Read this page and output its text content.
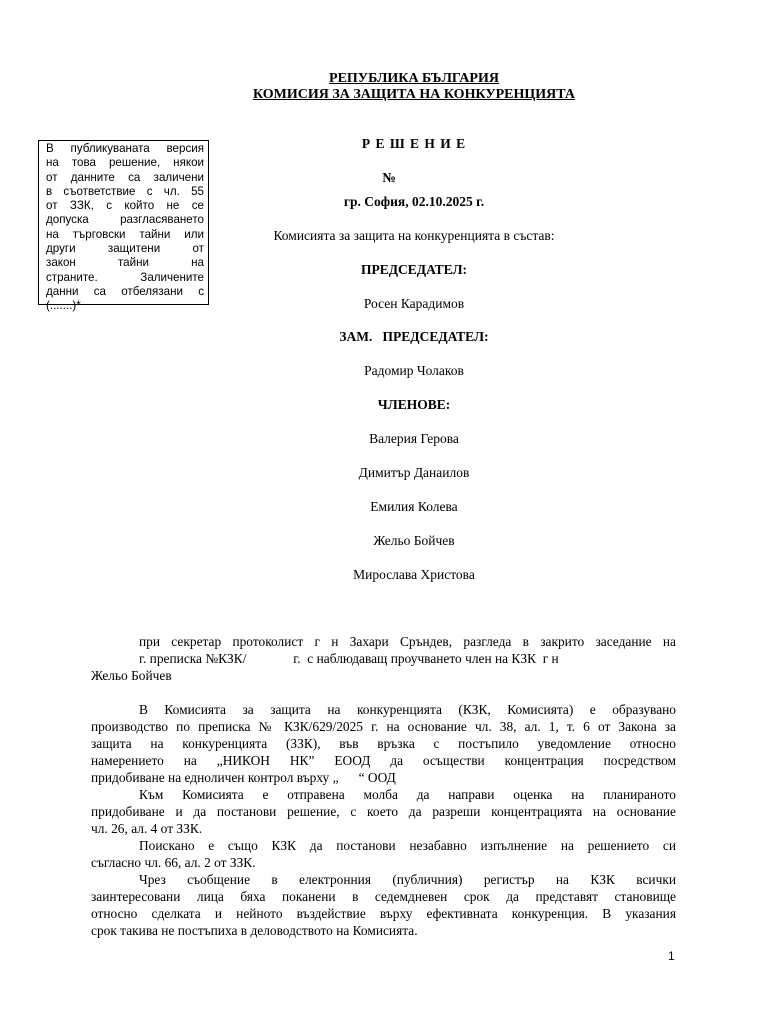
РЕПУБЛИКА БЪЛГАРИЯ
КОМИСИЯ ЗА ЗАЩИТА НА КОНКУРЕНЦИЯТА
В публикуваната версия
на това решение, някои
от данните са заличени
в съответствие с чл. 55
от ЗЗК, с който не се
допуска разгласяването
на търговски тайни или
други защитени от
закон тайни на
страните. Заличените
данни са отбелязани с
(.......)*
Р Е Ш Е Н И Е
№
гр. София, 02.10.2025 г.
Комисията за защита на конкуренцията в състав:
ПРЕДСЕДАТЕЛ:
Росен Карадимов
ЗАМ.   ПРЕДСЕДАТЕЛ:
Радомир Чолаков
ЧЛЕНОВЕ:
Валерия Герова
Димитър Данаилов
Емилия Колева
Жельо Бойчев
Мирослава Христова
при секретар протоколист г н Захари Сръндев, разгледа в закрито заседание на
г. преписка №КЗК/              г.  с наблюдаващ проучването член на КЗК  г н
Жельо Бойчев
В Комисията за защита на конкуренцията (КЗК, Комисията) е образувано
производство по преписка № КЗК/629/2025 г. на основание чл. 38, ал. 1, т. 6 от Закона за
защита на конкуренцията (ЗЗК), във връзка с постъпило уведомление относно
намерението на „НИКОН НК” ЕООД да осъществи концентрация посредством
придобиване на едноличен контрол върху „      “ ООД
Към Комисията е отправена молба да направи оценка на планираното
придобиване и да постанови решение, с което да разреши концентрацията на основание
чл. 26, ал. 4 от ЗЗК.
Поискано е също КЗК да постанови незабавно изпълнение на решението си
съгласно чл. 66, ал. 2 от ЗЗК.
Чрез съобщение в електронния (публичния) регистър на КЗК всички
заинтересовани лица бяха поканени в седемдневен срок да представят становище
относно сделката и нейното въздействие върху ефективната конкуренция. В указания
срок такива не постъпиха в деловодството на Комисията.
1
